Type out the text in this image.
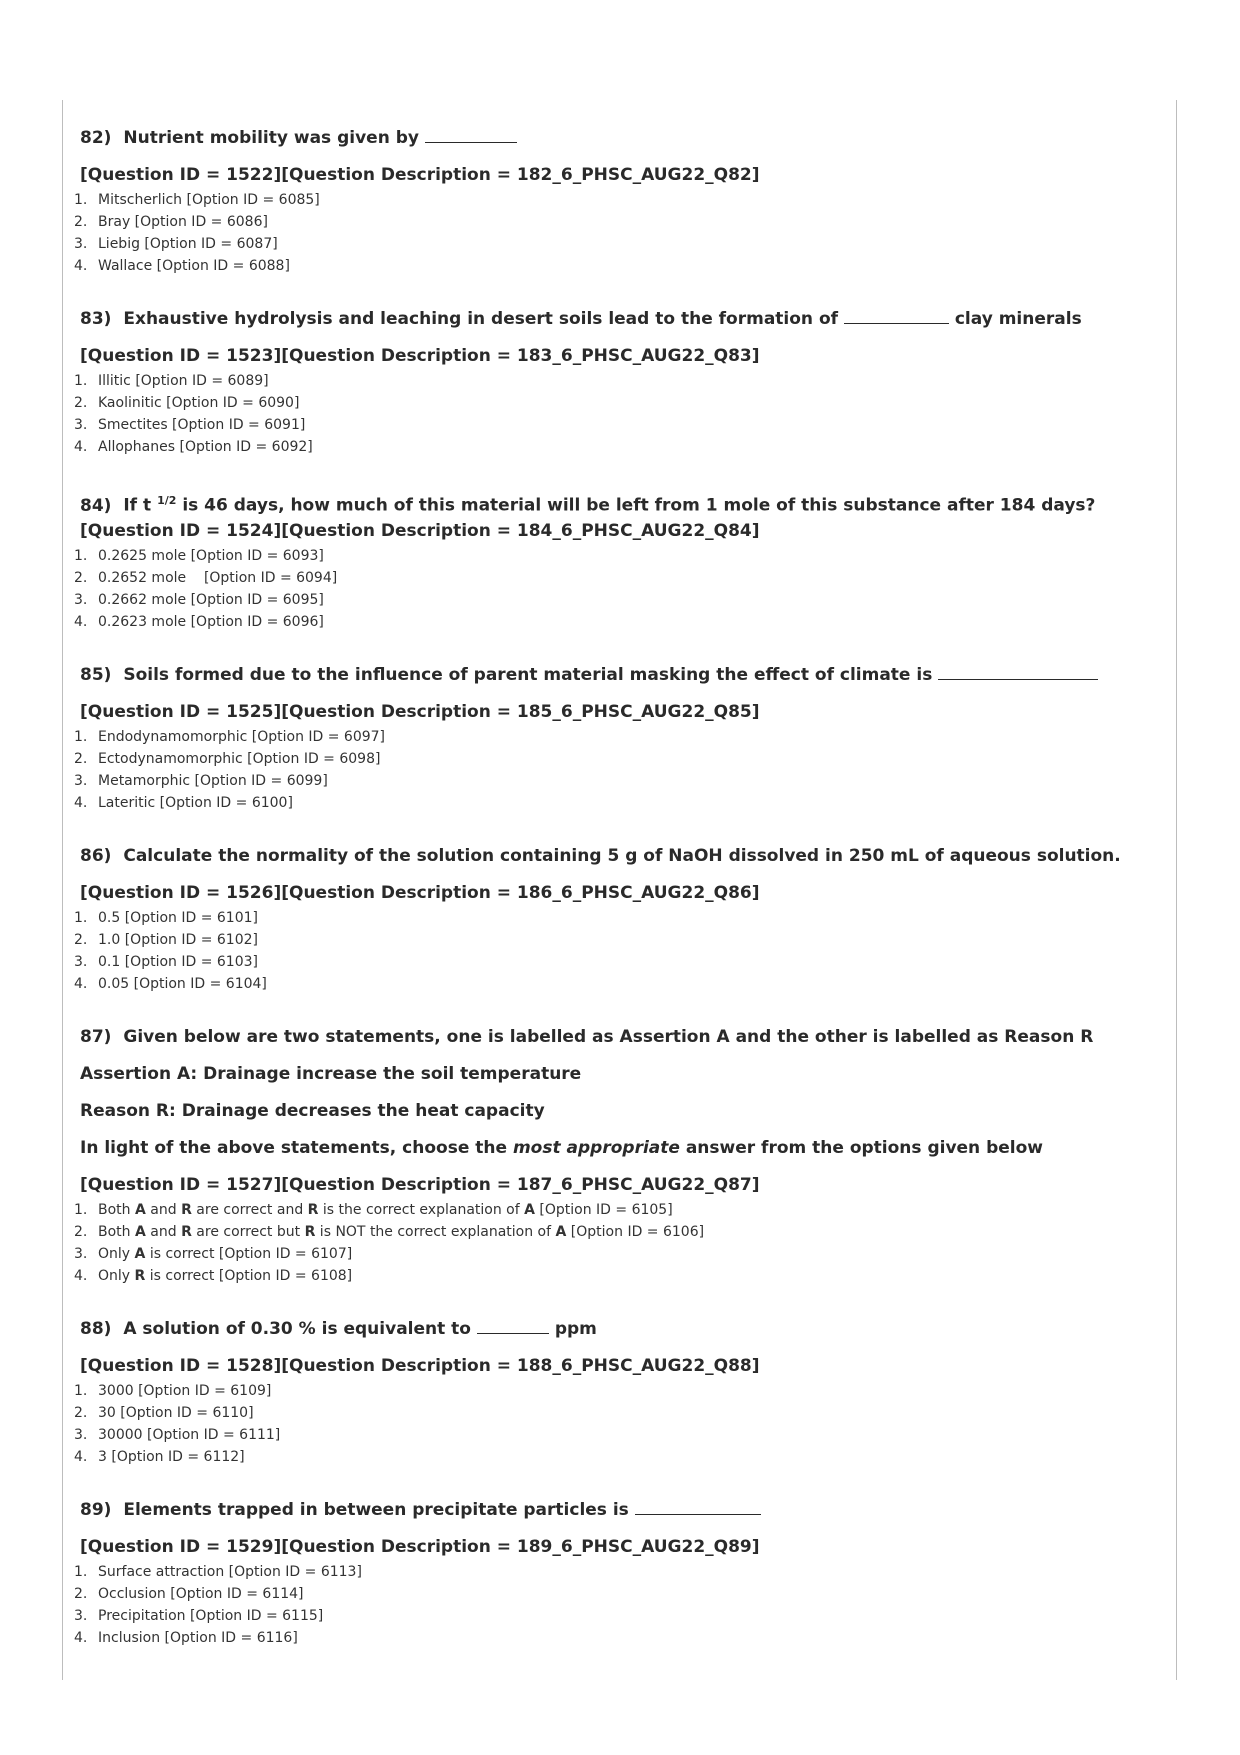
82) Nutrient mobility was given by

[Question ID = 1522][Question Description = 182_6_PHSC_AUG22_Q82]

1. Mitscherlich [Option ID = 6085]
2. Bray [Option ID = 6086]
3. Liebig [Option ID = 6087]
4. Wallace [Option ID = 6088]

83) Exhaustive hydrolysis and leaching in desert soils lead to the formation of	clay minerals

[Question ID = 1523][Question Description = 183_6_PHSC_AUG22_Q83]

1. Illitic [Option ID = 6089]
2. Kaolinitic [Option ID = 6090]
3. Smectites [Option ID = 6091]
4. Allophanes [Option ID = 6092]

84) If t $^{1/2}$ is 46 days, how much of this material will be left from 1 mole of this substance after 184 days?[Question ID = 1524][Question Description = 184_6_PHSC_AUG22_Q84]

1. 0.2625 mole [Option ID = 6093]
2. 0.2652 mole    [Option ID = 6094]
3. 0.2662 mole [Option ID = 6095]
4. 0.2623 mole [Option ID = 6096]

85) Soils formed due to the influence of parent material masking the effect of climate is

[Question ID = 1525][Question Description = 185_6_PHSC_AUG22_Q85]

1. Endodynamomorphic [Option ID = 6097]
2. Ectodynamomorphic [Option ID = 6098]
3. Metamorphic [Option ID = 6099]
4. Lateritic [Option ID = 6100]

86) Calculate the normality of the solution containing 5 g of NaOH dissolved in 250 mL of aqueous solution.

[Question ID = 1526][Question Description = 186_6_PHSC_AUG22_Q86]

1. 0.5 [Option ID = 6101]
2. 1.0 [Option ID = 6102]
3. 0.1 [Option ID = 6103]
4. 0.05 [Option ID = 6104]

87) Given below are two statements, one is labelled as Assertion A and the other is labelled as Reason R

Assertion A: Drainage increase the soil temperature

Reason R: Drainage decreases the heat capacity

In light of the above statements, choose the most appropriate answer from the options given below

[Question ID = 1527][Question Description = 187_6_PHSC_AUG22_Q87]

1. Both A and R are correct and R is the correct explanation of A [Option ID = 6105]
2. Both A and R are correct but R is NOT the correct explanation of A [Option ID = 6106]
3. Only A is correct [Option ID = 6107]
4. Only R is correct [Option ID = 6108]

88) A solution of 0.30 % is equivalent to	ppm

[Question ID = 1528][Question Description = 188_6_PHSC_AUG22_Q88]

1. 3000 [Option ID = 6109]
2. 30 [Option ID = 6110]
3. 30000 [Option ID = 6111]
4. 3 [Option ID = 6112]

89) Elements trapped in between precipitate particles is

[Question ID = 1529][Question Description = 189_6_PHSC_AUG22_Q89]

1. Surface attraction [Option ID = 6113]
2. Occlusion [Option ID = 6114]
3. Precipitation [Option ID = 6115]
4. Inclusion [Option ID = 6116]
